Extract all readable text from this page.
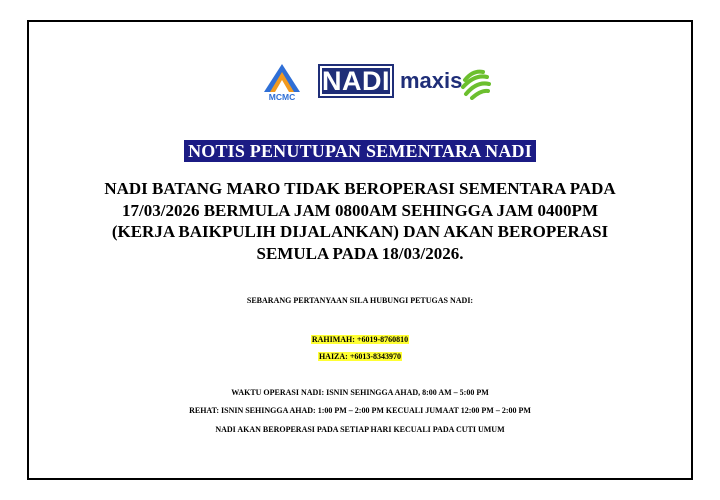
MCMC
NADI maxis
NOTIS PENUTUPAN SEMENTARA NADI
NADI BATANG MARO TIDAK BEROPERASI SEMENTARA PADA
17/03/2026 BERMULA JAM 0800AM SEHINGGA JAM 0400PM
(KERJA BAIKPULIH DIJALANKAN) DAN AKAN BEROPERASI
SEMULA PADA 18/03/2026.
SEBARANG PERTANYAAN SILA HUBUNGI PETUGAS NADI:
RAHIMAH: +6019-8760810
HAIZA: +6013-8343970
WAKTU OPERASI NADI: ISNIN SEHINGGA AHAD, 8:00 AM – 5:00 PM
REHAT: ISNIN SEHINGGA AHAD: 1:00 PM – 2:00 PM KECUALI JUMAAT 12:00 PM – 2:00 PM
NADI AKAN BEROPERASI PADA SETIAP HARI KECUALI PADA CUTI UMUM
